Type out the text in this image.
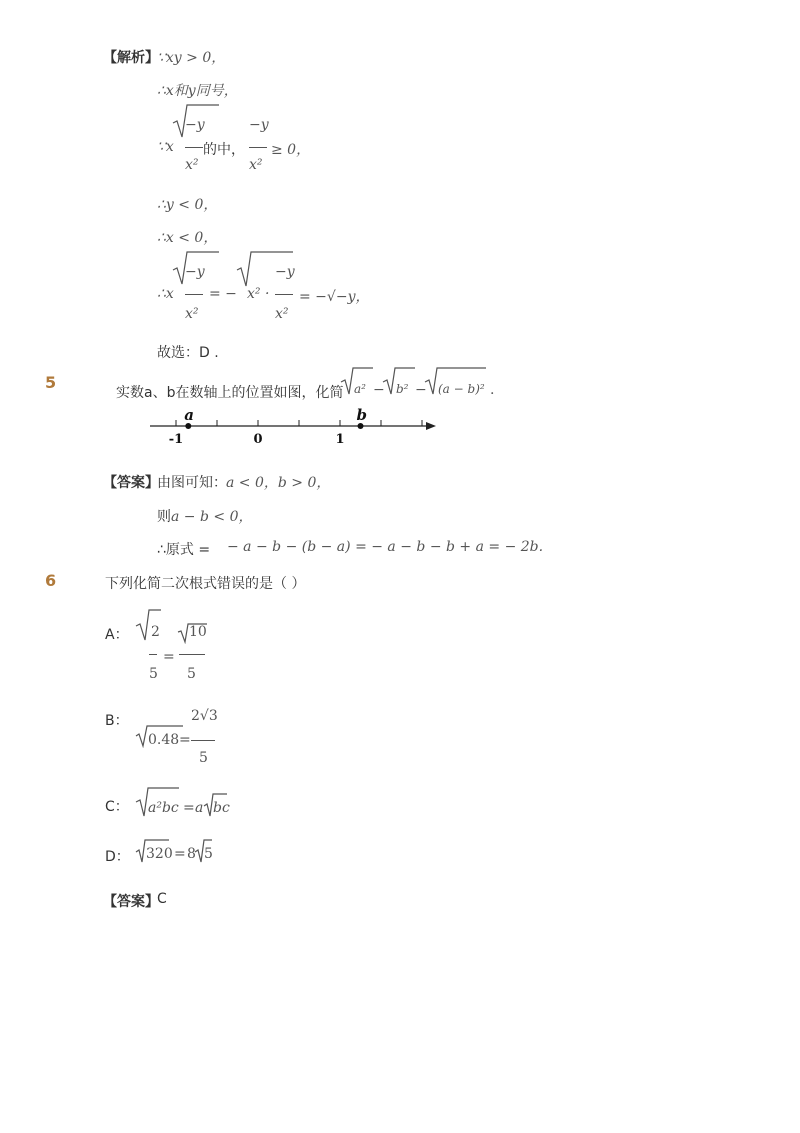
【解析】
∵xy > 0，
∴x和y同号，
∵x
−y
的中，
x²
−y
x²
≥ 0，
∴y < 0，
∴x < 0，
∴x
−y
x²
= − x² ·
−y
x²
= −√−y，
故选：D .
5
实数a、b在数轴上的位置如图，化简 a² − b² − (a − b)² .
a	b
-1	0	1
【答案】
由图可知： a < 0，b > 0，
则 a − b < 0，
∴原式 = − a − b − (b − a) = − a − b − b + a = − 2b.
6	下列化简二次根式错误的是（ ）
A： 2
5
=
10
5
B：
0.48 =
2√3
5
C： a²bc = a bc
D： 320 = 8 5
【答案】
C
